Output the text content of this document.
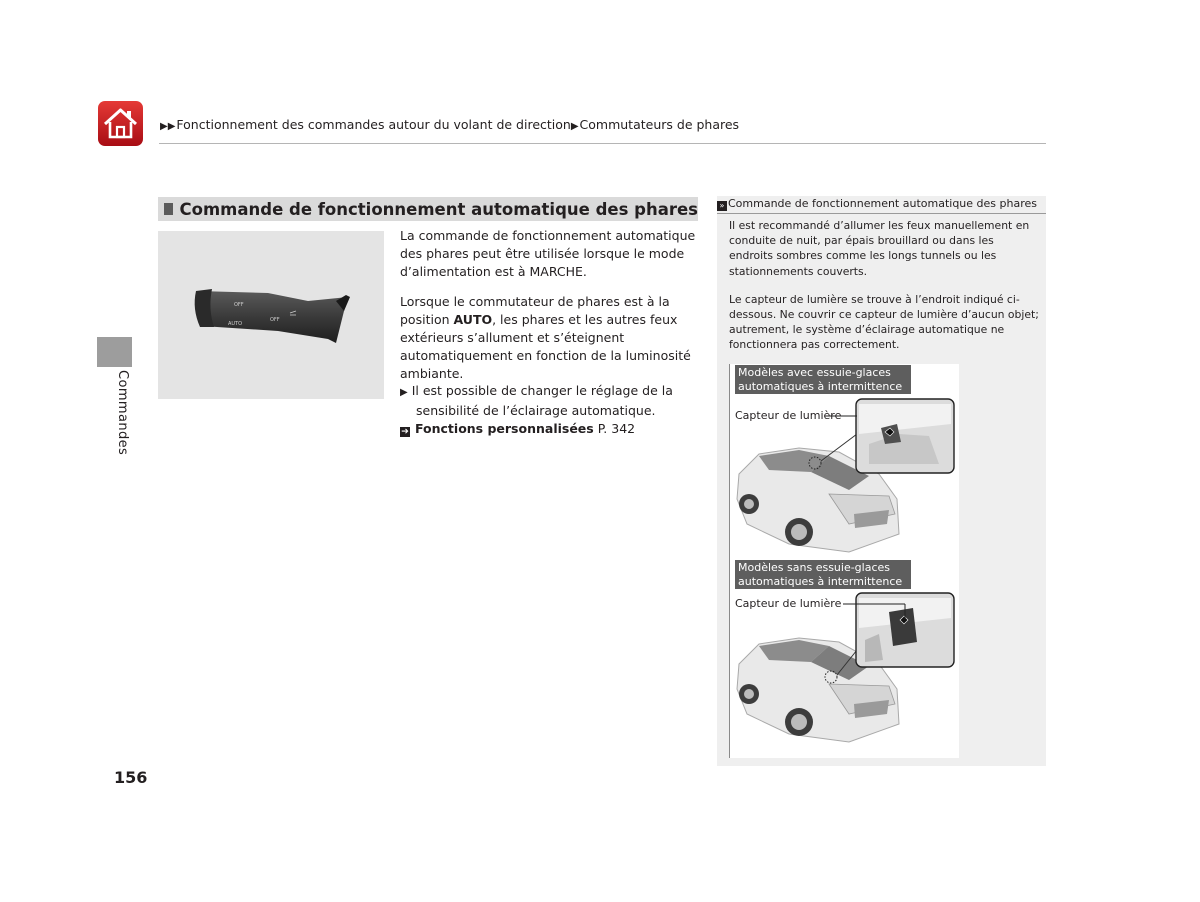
▶▶Fonctionnement des commandes autour du volant de direction▶Commutateurs de phares
Commandes
156
Commande de fonctionnement automatique des phares
OFF
AUTO
OFF

La commande de fonctionnement automatique des phares peut être utilisée lorsque le mode d’alimentation est à MARCHE.

Lorsque le commutateur de phares est à la position AUTO, les phares et les autres feux extérieurs s’allument et s’éteignent automatiquement en fonction de la luminosité ambiante.

▶ Il est possible de changer le réglage de la sensibilité de l’éclairage automatique.

➔ Fonctions personnalisées P. 342

» Commande de fonctionnement automatique des phares

Il est recommandé d’allumer les feux manuellement en conduite de nuit, par épais brouillard ou dans les endroits sombres comme les longs tunnels ou les stationnements couverts.

Le capteur de lumière se trouve à l’endroit indiqué ci-dessous. Ne couvrir ce capteur de lumière d’aucun objet; autrement, le système d’éclairage automatique ne fonctionnera pas correctement.

Modèles avec essuie-glaces automatiques à intermittence
Capteur de lumière
Modèles sans essuie-glaces automatiques à intermittence
Capteur de lumière
